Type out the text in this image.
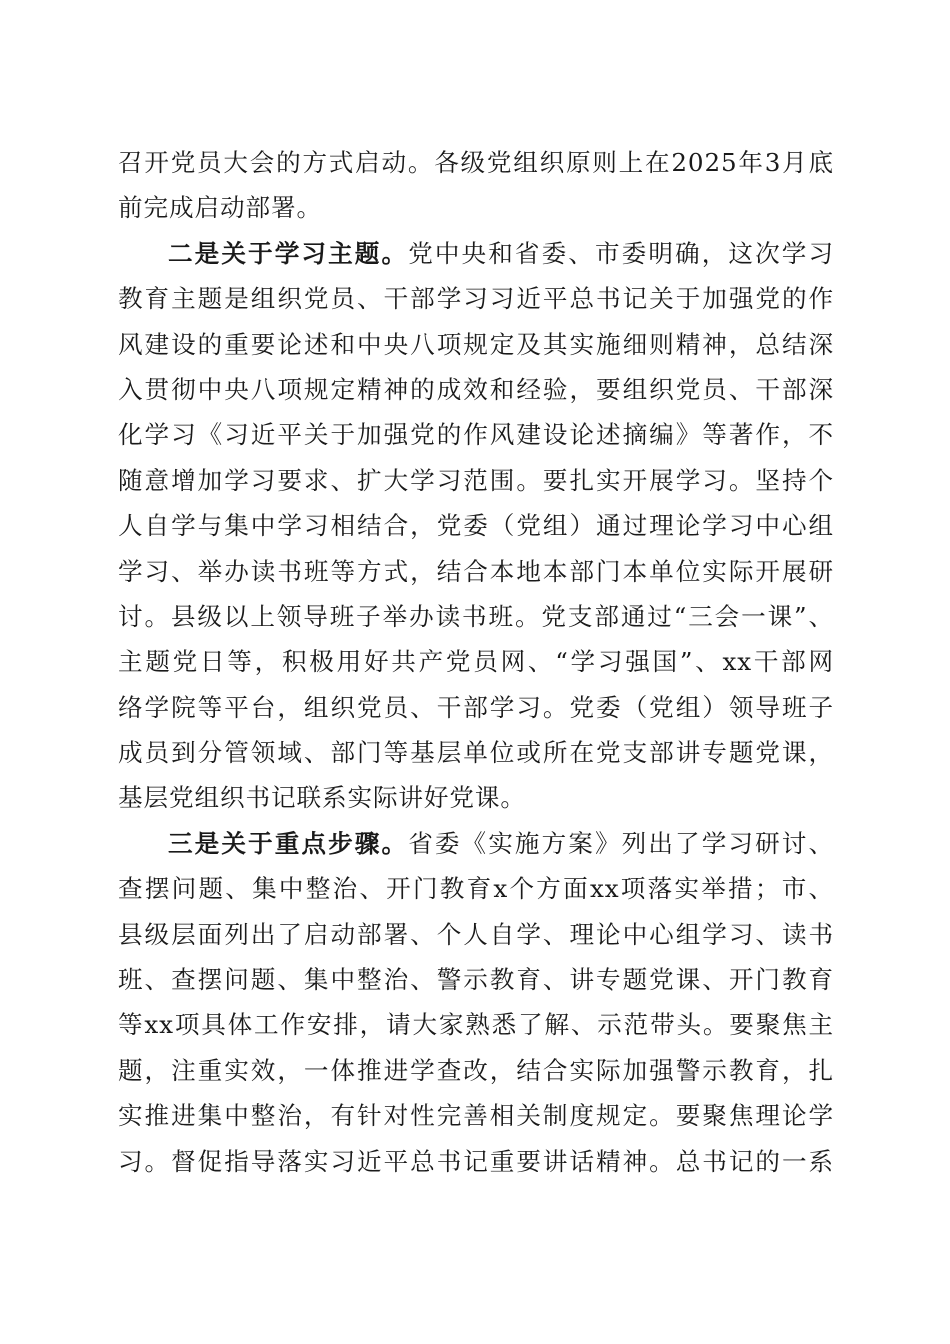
召开党员大会的方式启动。各级党组织原则上在2025年3月底
前完成启动部署。
二是关于学习主题。党中央和省委、市委明确，这次学习
教育主题是组织党员、干部学习习近平总书记关于加强党的作
风建设的重要论述和中央八项规定及其实施细则精神，总结深
入贯彻中央八项规定精神的成效和经验，要组织党员、干部深
化学习《习近平关于加强党的作风建设论述摘编》等著作，不
随意增加学习要求、扩大学习范围。要扎实开展学习。坚持个
人自学与集中学习相结合，党委（党组）通过理论学习中心组
学习、举办读书班等方式，结合本地本部门本单位实际开展研
讨。县级以上领导班子举办读书班。党支部通过“三会一课”、
主题党日等，积极用好共产党员网、“学习强国”、xx干部网
络学院等平台，组织党员、干部学习。党委（党组）领导班子
成员到分管领域、部门等基层单位或所在党支部讲专题党课，
基层党组织书记联系实际讲好党课。
三是关于重点步骤。省委《实施方案》列出了学习研讨、
查摆问题、集中整治、开门教育x个方面xx项落实举措；市、
县级层面列出了启动部署、个人自学、理论中心组学习、读书
班、查摆问题、集中整治、警示教育、讲专题党课、开门教育
等xx项具体工作安排，请大家熟悉了解、示范带头。要聚焦主
题，注重实效，一体推进学查改，结合实际加强警示教育，扎
实推进集中整治，有针对性完善相关制度规定。要聚焦理论学
习。督促指导落实习近平总书记重要讲话精神。总书记的一系
